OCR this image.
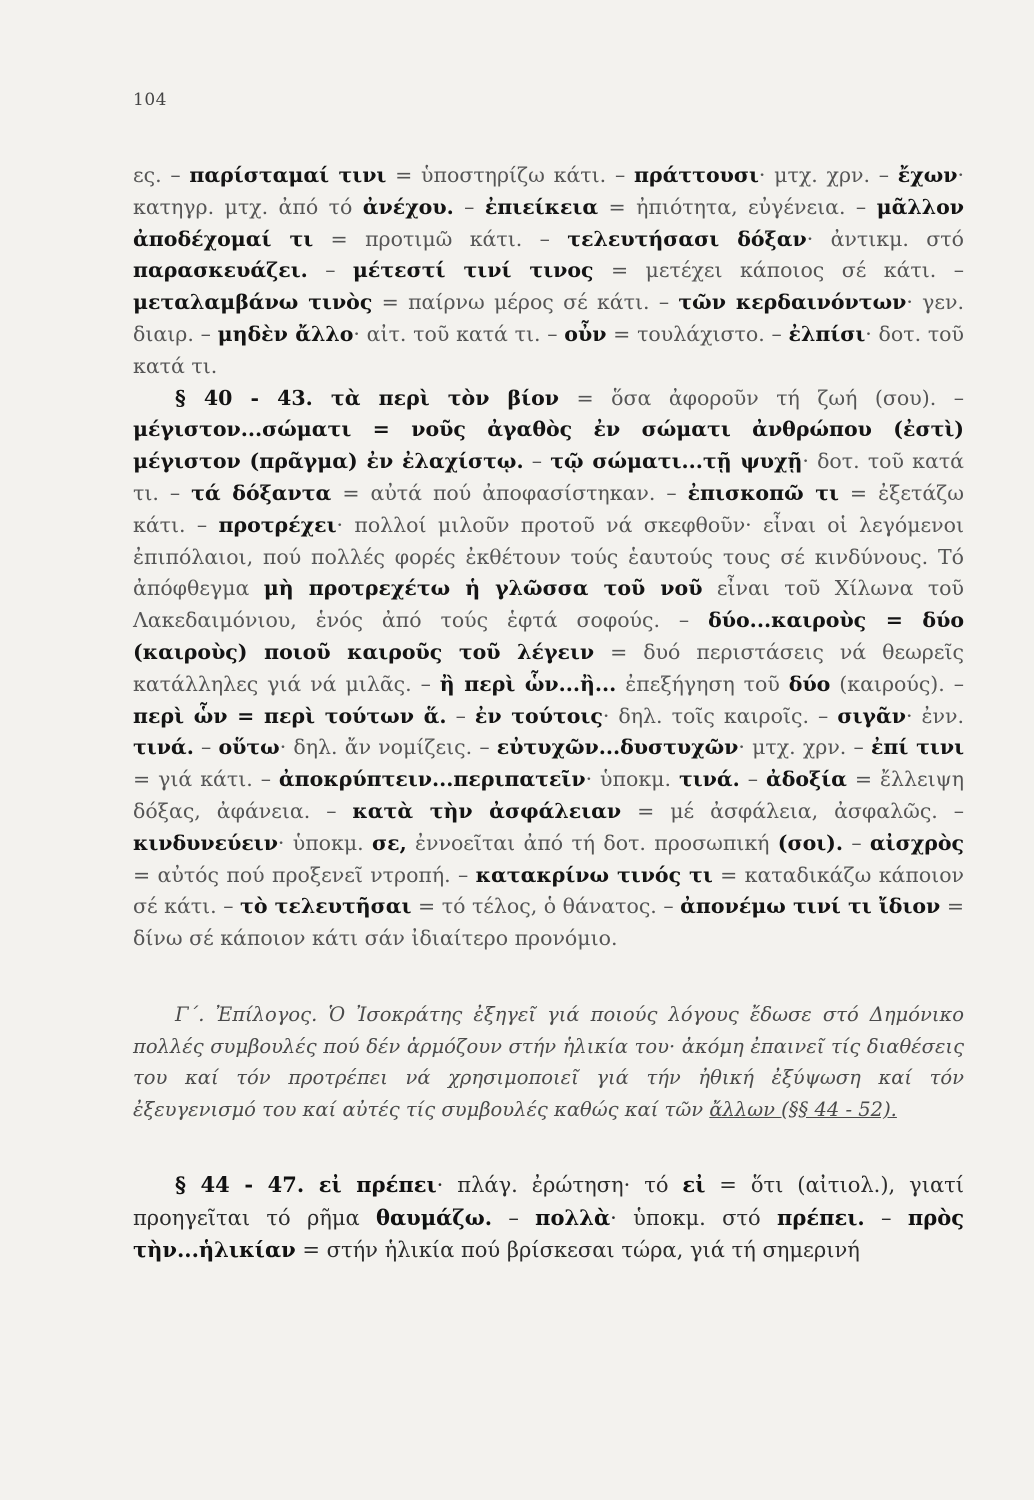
104

ες. – παρίσταμαί τινι = ὑποστηρίζω κάτι. – πράττουσι· μτχ. χρν. – ἔχων· κατηγρ. μτχ. ἀπό τό ἀνέχου. – ἐπιείκεια = ἠπιότητα, εὐγένεια. – μᾶλλον ἀποδέχομαί τι = προτιμῶ κάτι. – τελευτήσασι δόξαν· ἀντικμ. στό παρασκευάζει. – μέτεστί τινί τινος = μετέχει κάποιος σέ κάτι. – μεταλαμβάνω τινὸς = παίρνω μέρος σέ κάτι. – τῶν κερδαινόντων· γεν. διαιρ. – μηδὲν ἄλλο· αἰτ. τοῦ κατά τι. – οὖν = τουλάχιστο. – ἐλπίσι· δοτ. τοῦ κατά τι.

§ 40 - 43. τὰ περὶ τὸν βίον = ὅσα ἀφοροῦν τή ζωή (σου). – μέγιστον...σώματι = νοῦς ἀγαθὸς ἐν σώματι ἀνθρώπου (ἐστὶ) μέγιστον (πρᾶγμα) ἐν ἐλαχίστῳ. – τῷ σώματι...τῇ ψυχῇ· δοτ. τοῦ κατά τι. – τά δόξαντα = αὐτά πού ἀποφασίστηκαν. – ἐπισκοπῶ τι = ἐξετάζω κάτι. – προτρέχει· πολλοί μιλοῦν προτοῦ νά σκεφθοῦν· εἶναι οἱ λεγόμενοι ἐπιπόλαιοι, πού πολλές φορές ἐκθέτουν τούς ἑαυτούς τους σέ κινδύνους. Τό ἀπόφθεγμα μὴ προτρεχέτω ἡ γλῶσσα τοῦ νοῦ εἶναι τοῦ Χίλωνα τοῦ Λακεδαιμόνιου, ἑνός ἀπό τούς ἑφτά σοφούς. – δύο...καιροὺς = δύο (καιροὺς) ποιοῦ καιροῦς τοῦ λέγειν = δυό περιστάσεις νά θεωρεῖς κατάλληλες γιά νά μιλᾶς. – ἢ περὶ ὧν...ἢ... ἐπεξήγηση τοῦ δύο (καιρούς). – περὶ ὧν = περὶ τούτων ἅ. – ἐν τούτοις· δηλ. τοῖς καιροῖς. – σιγᾶν· ἐνν. τινά. – οὕτω· δηλ. ἄν νομίζεις. – εὐτυχῶν...δυστυχῶν· μτχ. χρν. – ἐπί τινι = γιά κάτι. – ἀποκρύπτειν...περιπατεῖν· ὑποκμ. τινά. – ἀδοξία = ἔλλειψη δόξας, ἀφάνεια. – κατὰ τὴν ἀσφάλειαν = μέ ἀσφάλεια, ἀσφαλῶς. – κινδυνεύειν· ὑποκμ. σε, ἐννοεῖται ἀπό τή δοτ. προσωπική (σοι). – αἰσχρὸς = αὐτός πού προξενεῖ ντροπή. – κατακρίνω τινός τι = καταδικάζω κάποιον σέ κάτι. – τὸ τελευτῆσαι = τό τέλος, ὁ θάνατος. – ἀπονέμω τινί τι ἴδιον = δίνω σέ κάποιον κάτι σάν ἰδιαίτερο προνόμιο.

Γ΄. Ἐπίλογος. Ὁ Ἰσοκράτης ἐξηγεῖ γιά ποιούς λόγους ἔδωσε στό Δημόνικο πολλές συμβουλές πού δέν ἁρμόζουν στήν ἡλικία του· ἀκόμη ἐπαινεῖ τίς διαθέσεις του καί τόν προτρέπει νά χρησιμοποιεῖ γιά τήν ἠθική ἐξύψωση καί τόν ἐξευγενισμό του καί αὐτές τίς συμβουλές καθώς καί τῶν ἄλλων (§§ 44 - 52).

§ 44 - 47. εἰ πρέπει· πλάγ. ἐρώτηση· τό εἰ = ὅτι (αἰτιολ.), γιατί προηγεῖται τό ρῆμα θαυμάζω. – πολλὰ· ὑποκμ. στό πρέπει. – πρὸς τὴν...ἡλικίαν = στήν ἡλικία πού βρίσκεσαι τώρα, γιά τή σημερινή
